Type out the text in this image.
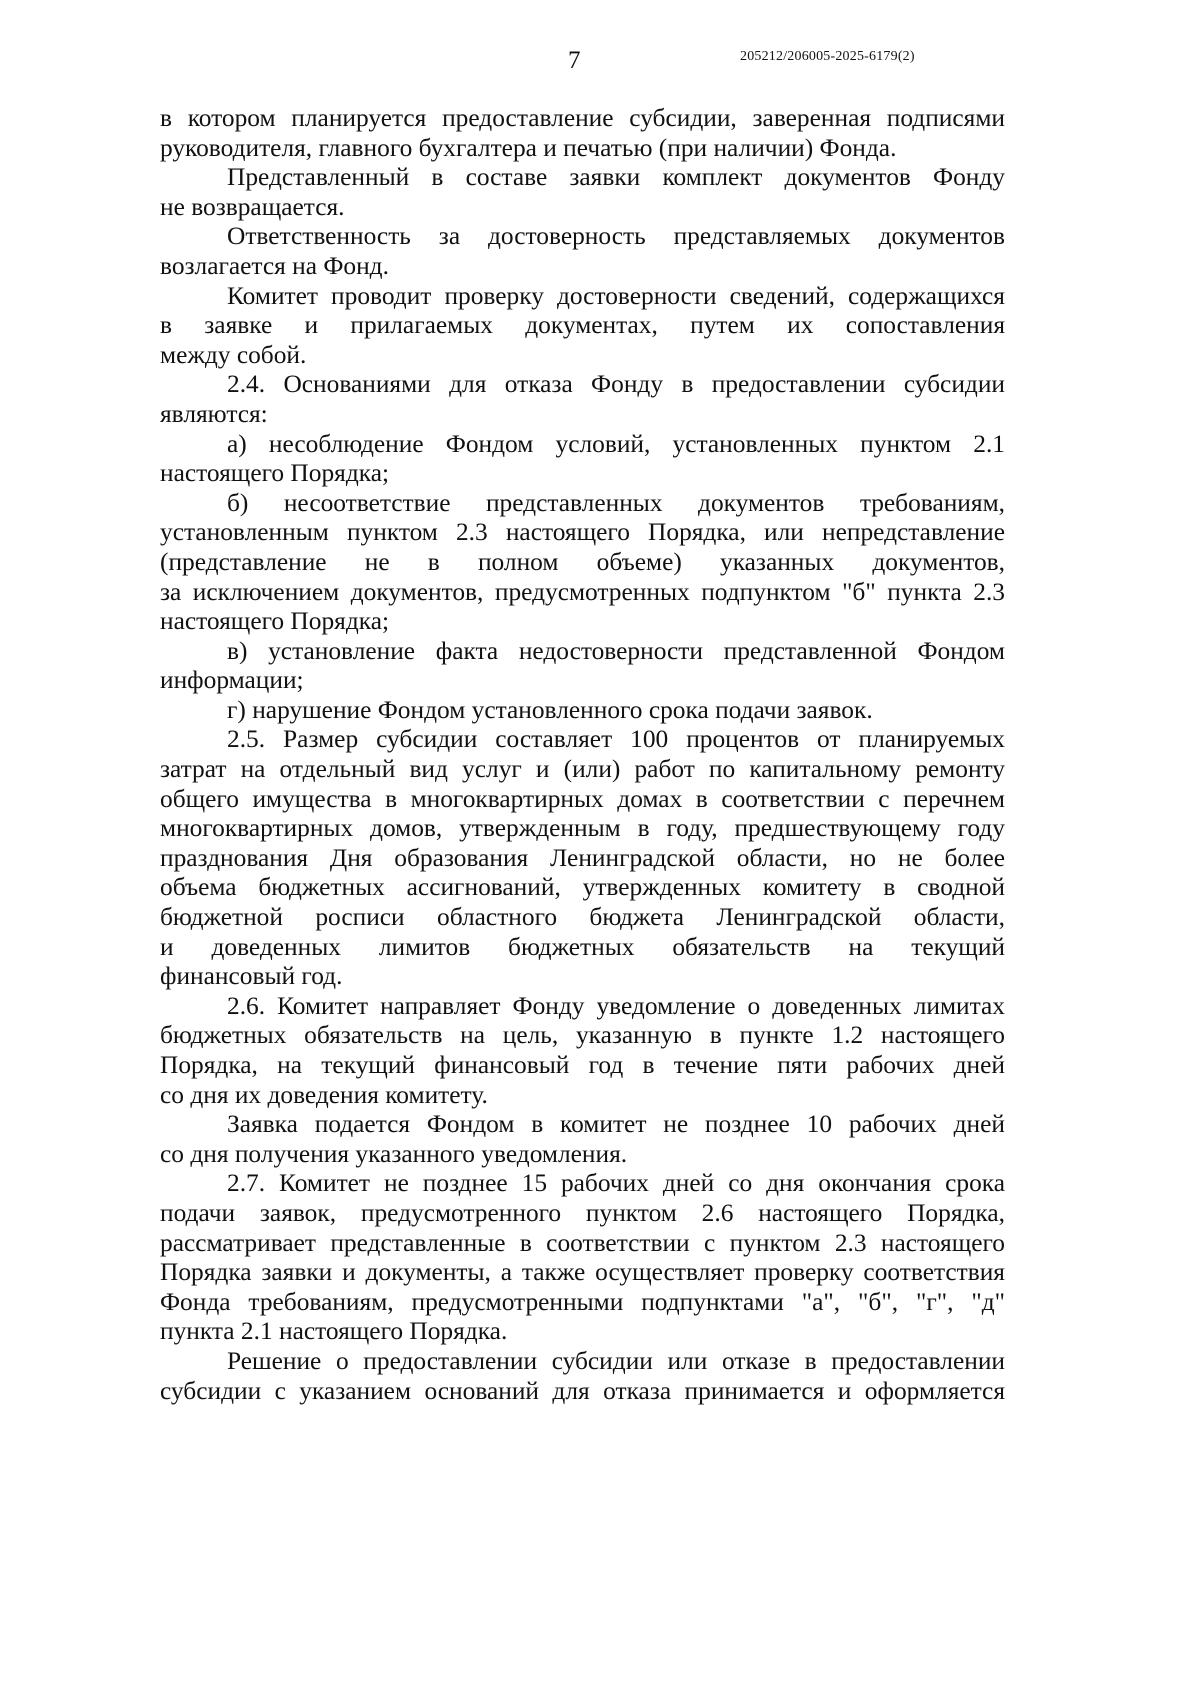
7	205212/206005-2025-6179(2)
в котором планируется предоставление субсидии, заверенная подписями
руководителя, главного бухгалтера и печатью (при наличии) Фонда.
Представленный в составе заявки комплект документов Фонду
не возвращается.
Ответственность за достоверность представляемых документов
возлагается на Фонд.
Комитет проводит проверку достоверности сведений, содержащихся
в заявке и прилагаемых документах, путем их сопоставления
между собой.
2.4. Основаниями для отказа Фонду в предоставлении субсидии
являются:
а) несоблюдение Фондом условий, установленных пунктом 2.1
настоящего Порядка;
б) несоответствие представленных документов требованиям,
установленным пунктом 2.3 настоящего Порядка, или непредставление
(представление не в полном объеме) указанных документов,
за исключением документов, предусмотренных подпунктом "б" пункта 2.3
настоящего Порядка;
в) установление факта недостоверности представленной Фондом
информации;
г) нарушение Фондом установленного срока подачи заявок.
2.5. Размер субсидии составляет 100 процентов от планируемых
затрат на отдельный вид услуг и (или) работ по капитальному ремонту
общего имущества в многоквартирных домах в соответствии с перечнем
многоквартирных домов, утвержденным в году, предшествующему году
празднования Дня образования Ленинградской области, но не более
объема бюджетных ассигнований, утвержденных комитету в сводной
бюджетной росписи областного бюджета Ленинградской области,
и доведенных лимитов бюджетных обязательств на текущий
финансовый год.
2.6. Комитет направляет Фонду уведомление о доведенных лимитах
бюджетных обязательств на цель, указанную в пункте 1.2 настоящего
Порядка, на текущий финансовый год в течение пяти рабочих дней
со дня их доведения комитету.
Заявка подается Фондом в комитет не позднее 10 рабочих дней
со дня получения указанного уведомления.
2.7. Комитет не позднее 15 рабочих дней со дня окончания срока
подачи заявок, предусмотренного пунктом 2.6 настоящего Порядка,
рассматривает представленные в соответствии с пунктом 2.3 настоящего
Порядка заявки и документы, а также осуществляет проверку соответствия
Фонда требованиям, предусмотренными подпунктами "а", "б", "г", "д"
пункта 2.1 настоящего Порядка.
Решение о предоставлении субсидии или отказе в предоставлении
субсидии с указанием оснований для отказа принимается и оформляется
